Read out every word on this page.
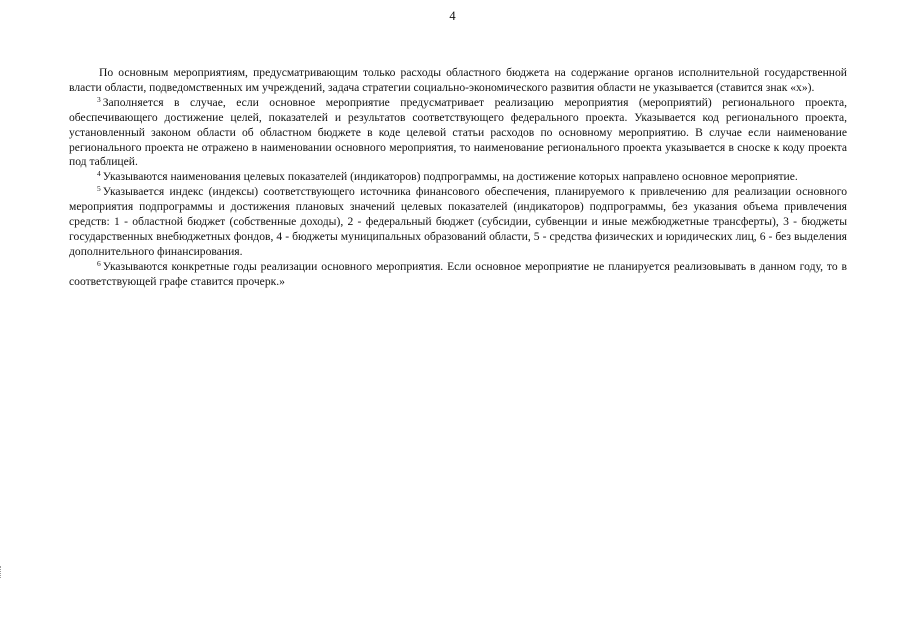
4

По основным мероприятиям, предусматривающим только расходы областного бюджета на содержание органов исполнительной государственной власти области, подведомственных им учреждений, задача стратегии социально-экономического развития области не указывается (ставится знак «х»).

$^3$ Заполняется в случае, если основное мероприятие предусматривает реализацию мероприятия (мероприятий) регионального проекта, обеспечивающего достижение целей, показателей и результатов соответствующего федерального проекта. Указывается код регионального проекта, установленный законом области об областном бюджете в коде целевой статьи расходов по основному мероприятию. В случае если наименование регионального проекта не отражено в наименовании основного мероприятия, то наименование регионального проекта указывается в сноске к коду проекта под таблицей.

$^4$ Указываются наименования целевых показателей (индикаторов) подпрограммы, на достижение которых направлено основное мероприятие.

$^5$ Указывается индекс (индексы) соответствующего источника финансового обеспечения, планируемого к привлечению для реализации основного мероприятия подпрограммы и достижения плановых значений целевых показателей (индикаторов) подпрограммы, без указания объема привлечения средств: 1 - областной бюджет (собственные доходы), 2 - федеральный бюджет (субсидии, субвенции и иные межбюджетные трансферты), 3 - бюджеты государственных внебюджетных фондов, 4 - бюджеты муниципальных образований области, 5 - средства физических и юридических лиц, 6 - без выделения дополнительного финансирования.

$^6$ Указываются конкретные годы реализации основного мероприятия. Если основное мероприятие не планируется реализовывать в данном году, то в соответствующей графе ставится прочерк.»
